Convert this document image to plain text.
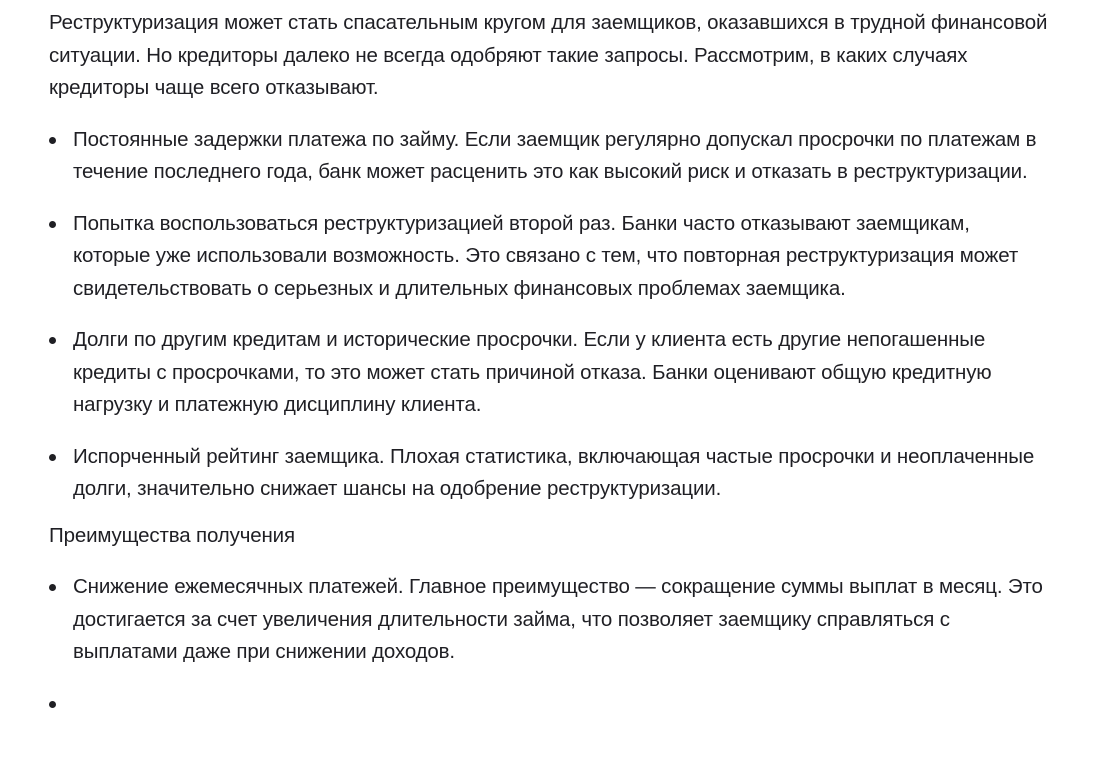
Реструктуризация может стать спасательным кругом для заемщиков, оказавшихся в трудной финансовой ситуации. Но кредиторы далеко не всегда одобряют такие запросы. Рассмотрим, в каких случаях кредиторы чаще всего отказывают.

Постоянные задержки платежа по займу. Если заемщик регулярно допускал просрочки по платежам в течение последнего года, банк может расценить это как высокий риск и отказать в реструктуризации.
Попытка воспользоваться реструктуризацией второй раз. Банки часто отказывают заемщикам, которые уже использовали возможность. Это связано с тем, что повторная реструктуризация может свидетельствовать о серьезных и длительных финансовых проблемах заемщика.
Долги по другим кредитам и исторические просрочки. Если у клиента есть другие непогашенные кредиты с просрочками, то это может стать причиной отказа. Банки оценивают общую кредитную нагрузку и платежную дисциплину клиента.
Испорченный рейтинг заемщика. Плохая статистика, включающая частые просрочки и неоплаченные долги, значительно снижает шансы на одобрение реструктуризации.

Преимущества получения

Снижение ежемесячных платежей. Главное преимущество — сокращение суммы выплат в месяц. Это достигается за счет увеличения длительности займа, что позволяет заемщику справляться с выплатами даже при снижении доходов.
